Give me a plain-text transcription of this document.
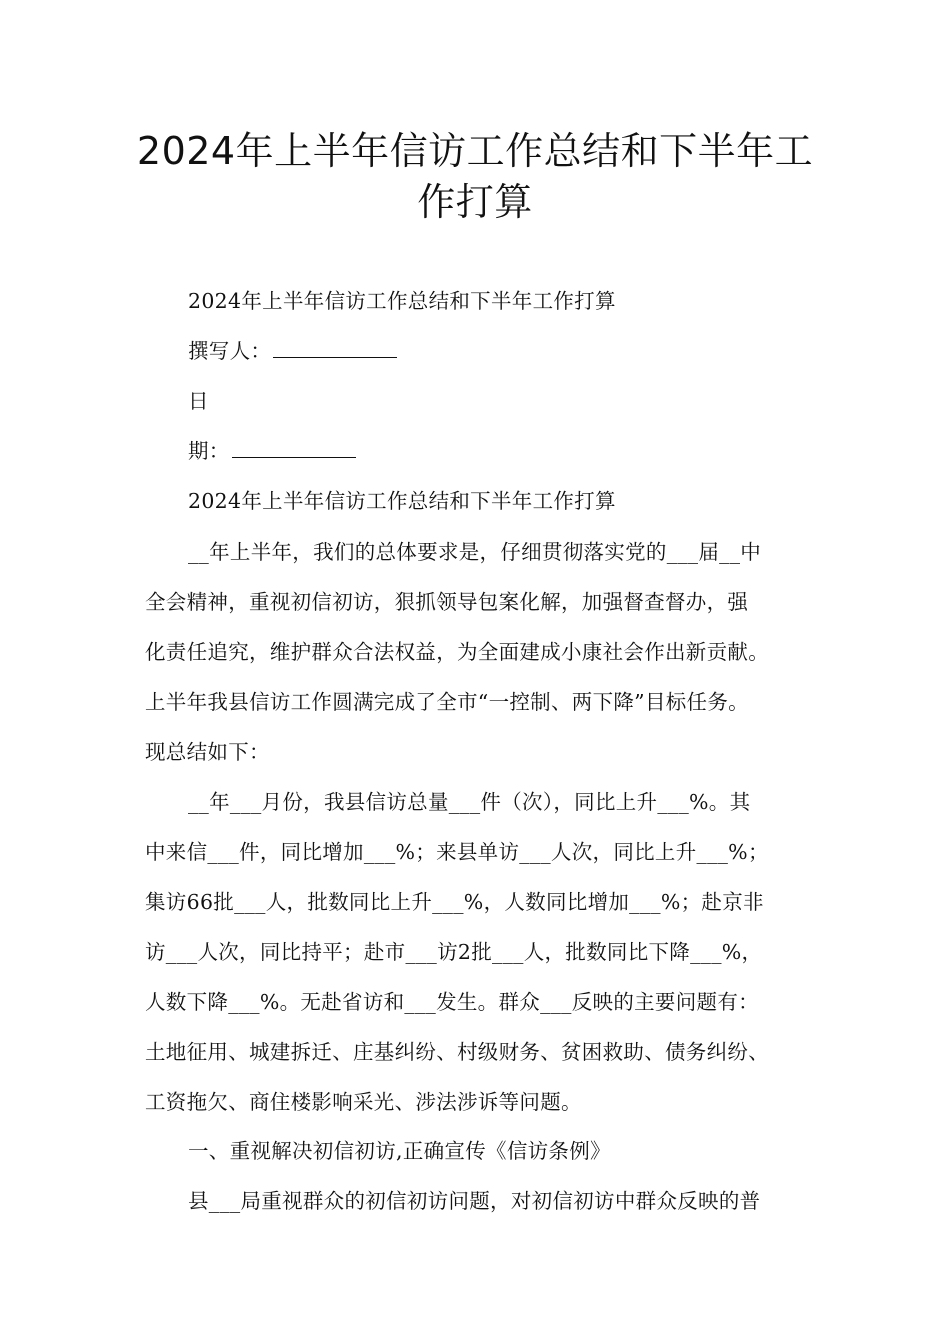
2024年上半年信访工作总结和下半年工
作打算
2024年上半年信访工作总结和下半年工作打算
撰写人：
日
期：
2024年上半年信访工作总结和下半年工作打算
__年上半年，我们的总体要求是，仔细贯彻落实党的___届__中
全会精神，重视初信初访，狠抓领导包案化解，加强督查督办，强
化责任追究，维护群众合法权益，为全面建成小康社会作出新贡献。
上半年我县信访工作圆满完成了全市“一控制、两下降”目标任务。
现总结如下：
__年___月份，我县信访总量___件（次），同比上升___%。其
中来信___件，同比增加___%；来县单访___人次，同比上升___%；
集访66批___人，批数同比上升___%，人数同比增加___%；赴京非
访___人次，同比持平；赴市___访2批___人，批数同比下降___%，
人数下降___%。无赴省访和___发生。群众___反映的主要问题有：
土地征用、城建拆迁、庄基纠纷、村级财务、贫困救助、债务纠纷、
工资拖欠、商住楼影响采光、涉法涉诉等问题。
一、重视解决初信初访,正确宣传《信访条例》
县___局重视群众的初信初访问题，对初信初访中群众反映的普
